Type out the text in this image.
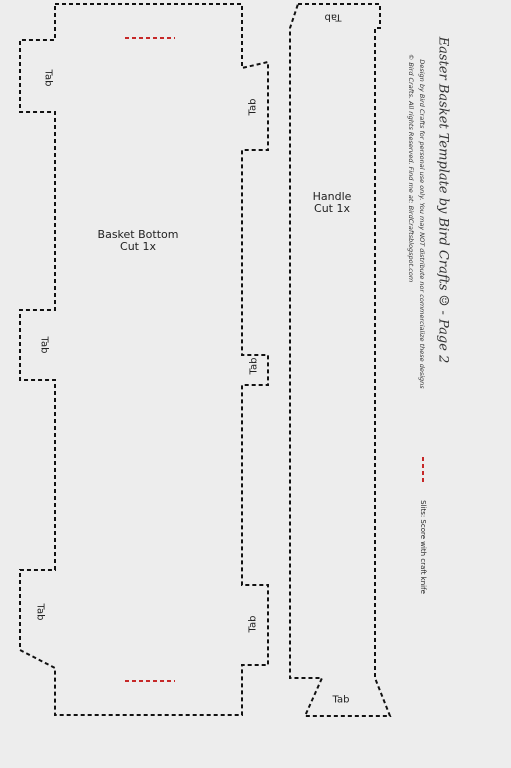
Basket Bottom
Cut 1x
Handle
Cut 1x
Tab
Tab
Tab
Tab
Tab
Tab
Tab
Tab
Easter Basket Template by Bird Crafts ☺ - Page 2
Design by Bird Crafts for personal use only. You may NOT distribute nor commercialize these designs
© Bird Crafts. All rights Reserved. Find me at: BirdCraftsblogspot.com
Slits: Score with craft knife
